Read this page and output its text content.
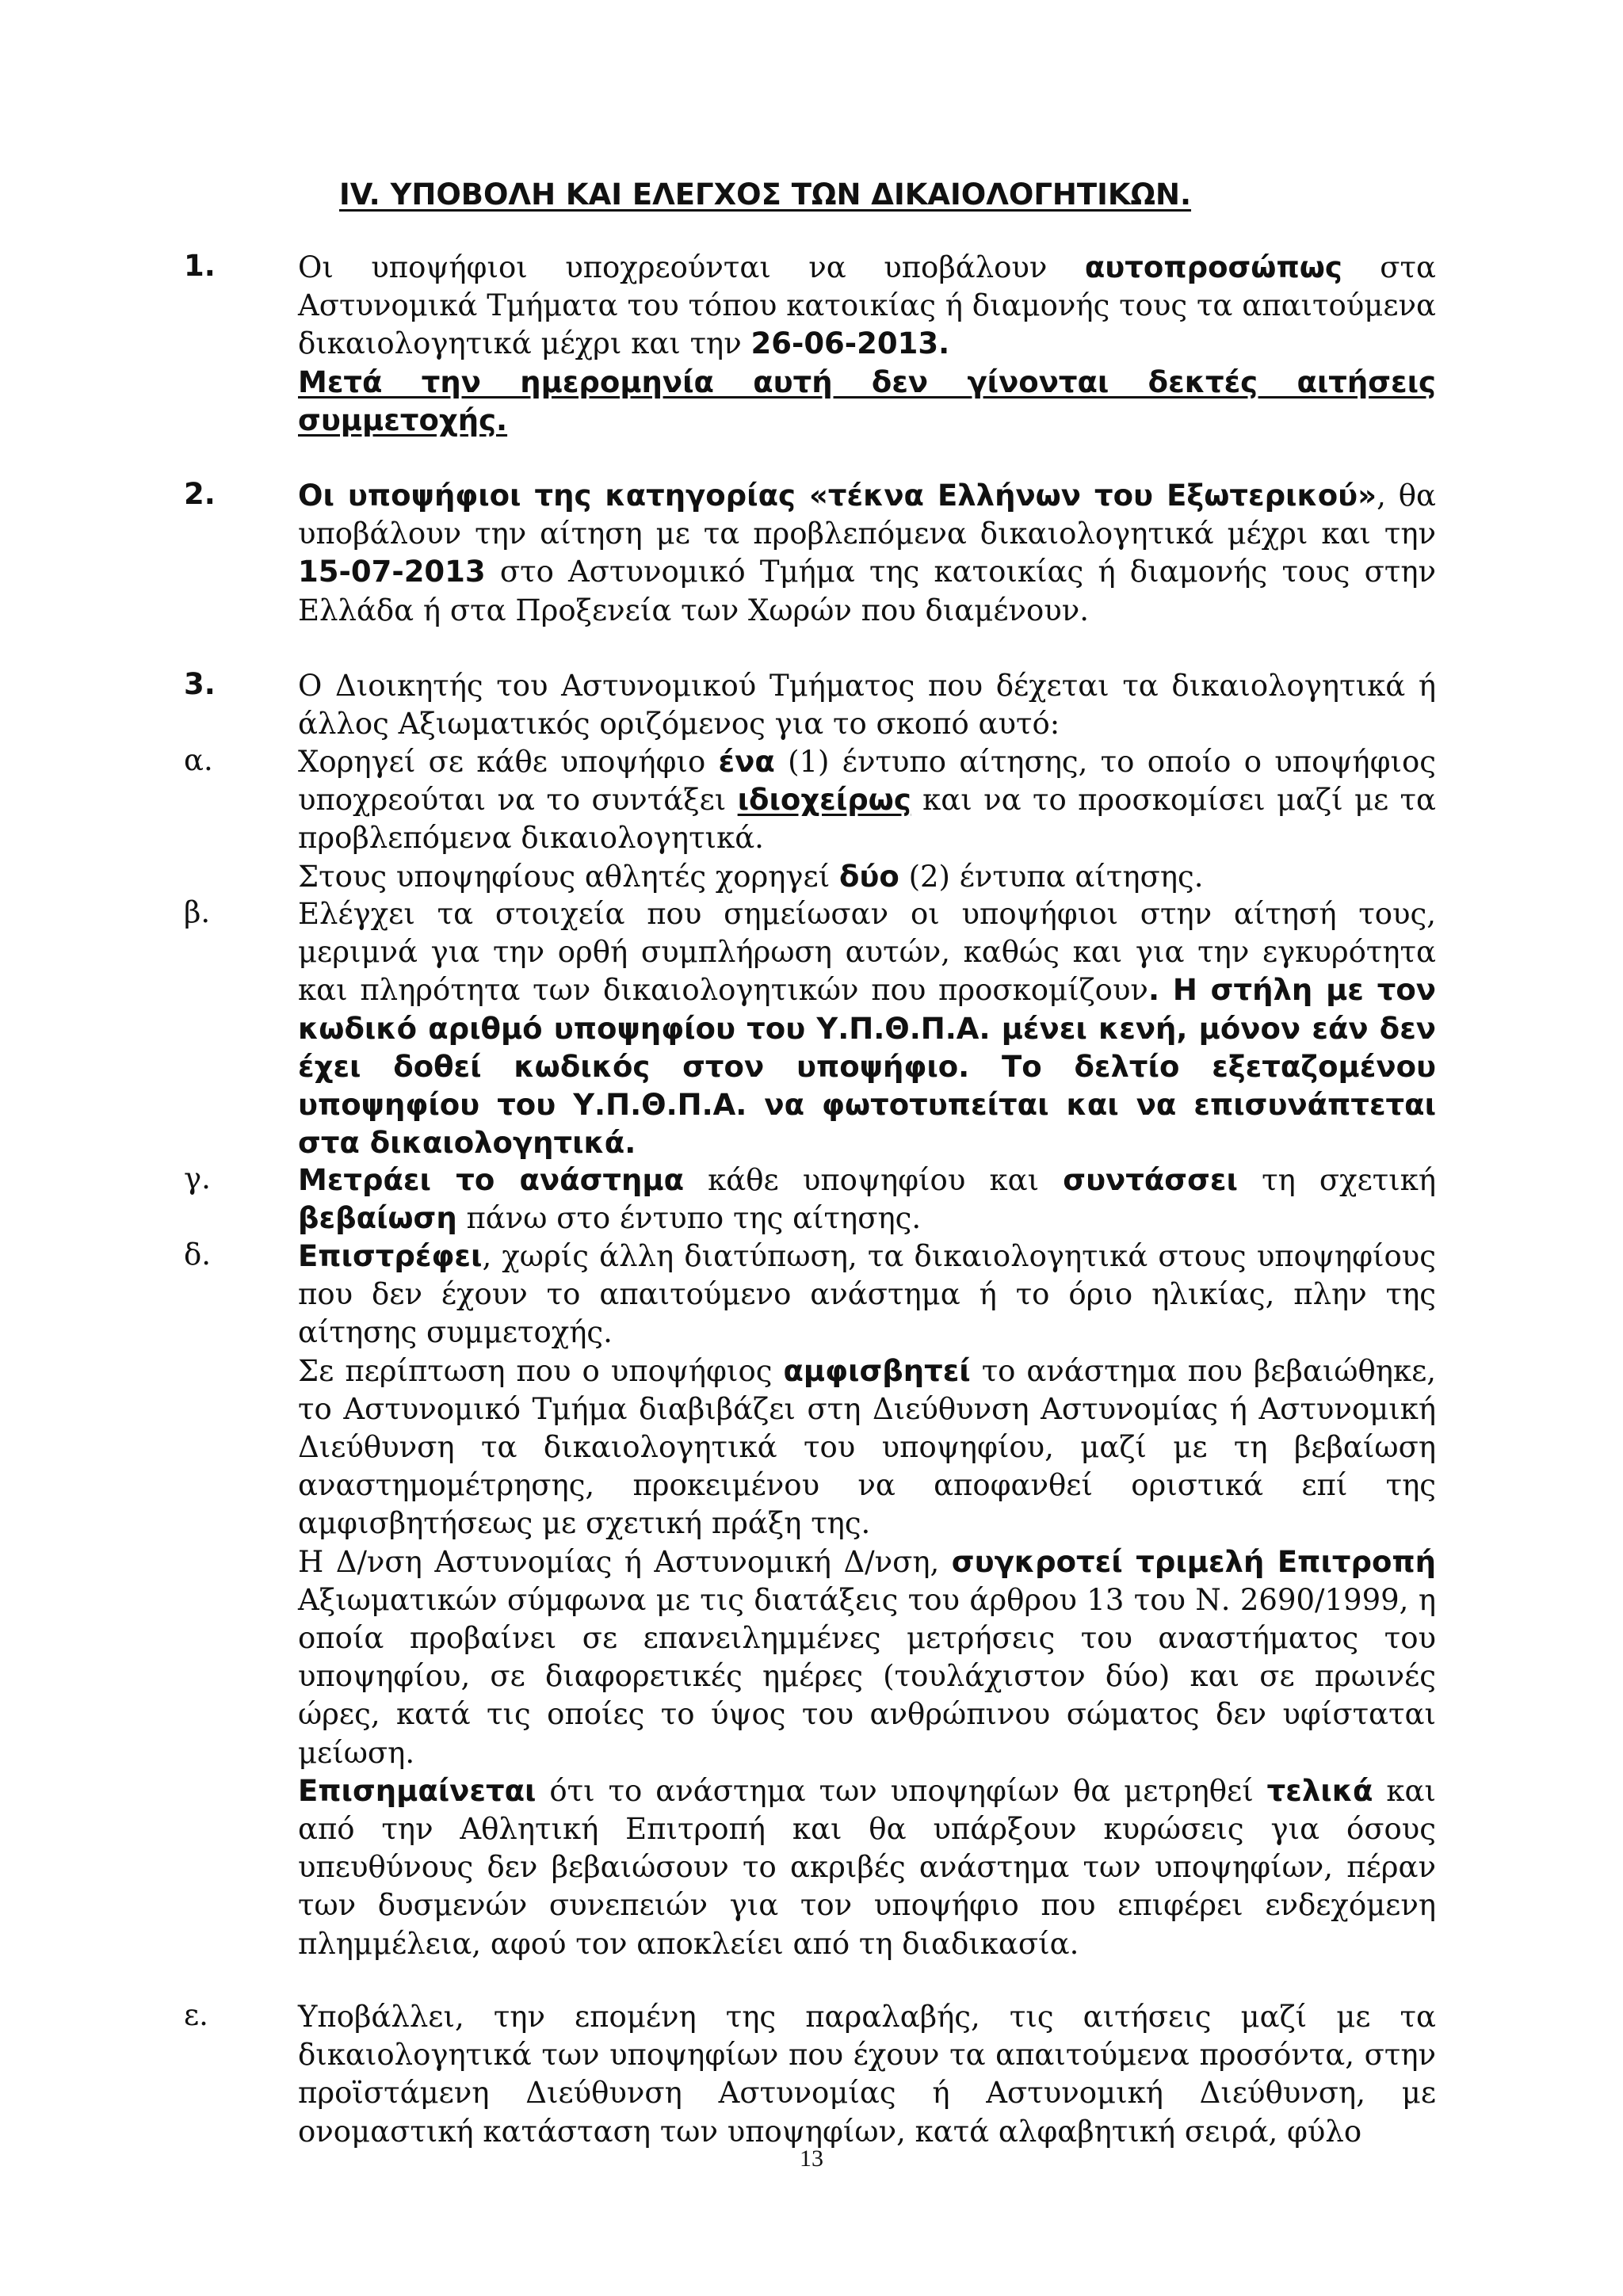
IV. ΥΠΟΒΟΛΗ ΚΑΙ ΕΛΕΓΧΟΣ ΤΩΝ ΔΙΚΑΙΟΛΟΓΗΤΙΚΩΝ.
1.	Οι υποψήφιοι υποχρεούνται να υποβάλουν αυτοπροσώπως στα Αστυνομικά Τμήματα του τόπου κατοικίας ή διαμονής τους τα απαιτούμενα δικαιολογητικά μέχρι και την 26-06-2013.

Μετά την ημερομηνία αυτή δεν γίνονται δεκτές αιτήσεις συμμετοχής.

2.	Οι υποψήφιοι της κατηγορίας «τέκνα Ελλήνων του Εξωτερικού», θα υποβάλουν την αίτηση με τα προβλεπόμενα δικαιολογητικά μέχρι και την 15-07-2013 στο Αστυνομικό Τμήμα της κατοικίας ή διαμονής τους στην Ελλάδα ή στα Προξενεία των Χωρών που διαμένουν.

3.	Ο Διοικητής του Αστυνομικού Τμήματος που δέχεται τα δικαιολογητικά ή άλλος Αξιωματικός οριζόμενος για το σκοπό αυτό:

α.	Χορηγεί σε κάθε υποψήφιο ένα (1) έντυπο αίτησης, το οποίο ο υποψήφιος υποχρεούται να το συντάξει ιδιοχείρως και να το προσκομίσει μαζί με τα προβλεπόμενα δικαιολογητικά.

Στους υποψηφίους αθλητές χορηγεί δύο (2) έντυπα αίτησης.

β.	Ελέγχει τα στοιχεία που σημείωσαν οι υποψήφιοι στην αίτησή τους, μεριμνά για την ορθή συμπλήρωση αυτών, καθώς και για την εγκυρότητα και πληρότητα των δικαιολογητικών που προσκομίζουν. Η στήλη με τον κωδικό αριθμό υποψηφίου του Υ.Π.Θ.Π.Α. μένει κενή, μόνον εάν δεν έχει δοθεί κωδικός στον υποψήφιο. Το δελτίο εξεταζομένου υποψηφίου του Υ.Π.Θ.Π.Α. να φωτοτυπείται και να επισυνάπτεται στα δικαιολογητικά.

γ.	Μετράει το ανάστημα κάθε υποψηφίου και συντάσσει τη σχετική βεβαίωση πάνω στο έντυπο της αίτησης.

δ.	Επιστρέφει, χωρίς άλλη διατύπωση, τα δικαιολογητικά στους υποψηφίους που δεν έχουν το απαιτούμενο ανάστημα ή το όριο ηλικίας, πλην της αίτησης συμμετοχής.

Σε περίπτωση που ο υποψήφιος αμφισβητεί το ανάστημα που βεβαιώθηκε, το Αστυνομικό Τμήμα διαβιβάζει στη Διεύθυνση Αστυνομίας ή Αστυνομική Διεύθυνση τα δικαιολογητικά του υποψηφίου, μαζί με τη βεβαίωση αναστημομέτρησης, προκειμένου να αποφανθεί οριστικά επί της αμφισβητήσεως με σχετική πράξη της.

Η Δ/νση Αστυνομίας ή Αστυνομική Δ/νση, συγκροτεί τριμελή Επιτροπή Αξιωματικών σύμφωνα με τις διατάξεις του άρθρου 13 του Ν. 2690/1999, η οποία προβαίνει σε επανειλημμένες μετρήσεις του αναστήματος του υποψηφίου, σε διαφορετικές ημέρες (τουλάχιστον δύο) και σε πρωινές ώρες, κατά τις οποίες το ύψος του ανθρώπινου σώματος δεν υφίσταται μείωση.

Επισημαίνεται ότι το ανάστημα των υποψηφίων θα μετρηθεί τελικά και από την Αθλητική Επιτροπή και θα υπάρξουν κυρώσεις για όσους υπευθύνους δεν βεβαιώσουν το ακριβές ανάστημα των υποψηφίων, πέραν των δυσμενών συνεπειών για τον υποψήφιο που επιφέρει ενδεχόμενη πλημμέλεια, αφού τον αποκλείει από τη διαδικασία.

ε.	Υποβάλλει, την επομένη της παραλαβής, τις αιτήσεις μαζί με τα δικαιολογητικά των υποψηφίων που έχουν τα απαιτούμενα προσόντα, στην προϊστάμενη Διεύθυνση Αστυνομίας ή Αστυνομική Διεύθυνση, με ονομαστική κατάσταση των υποψηφίων, κατά αλφαβητική σειρά, φύλο

13
